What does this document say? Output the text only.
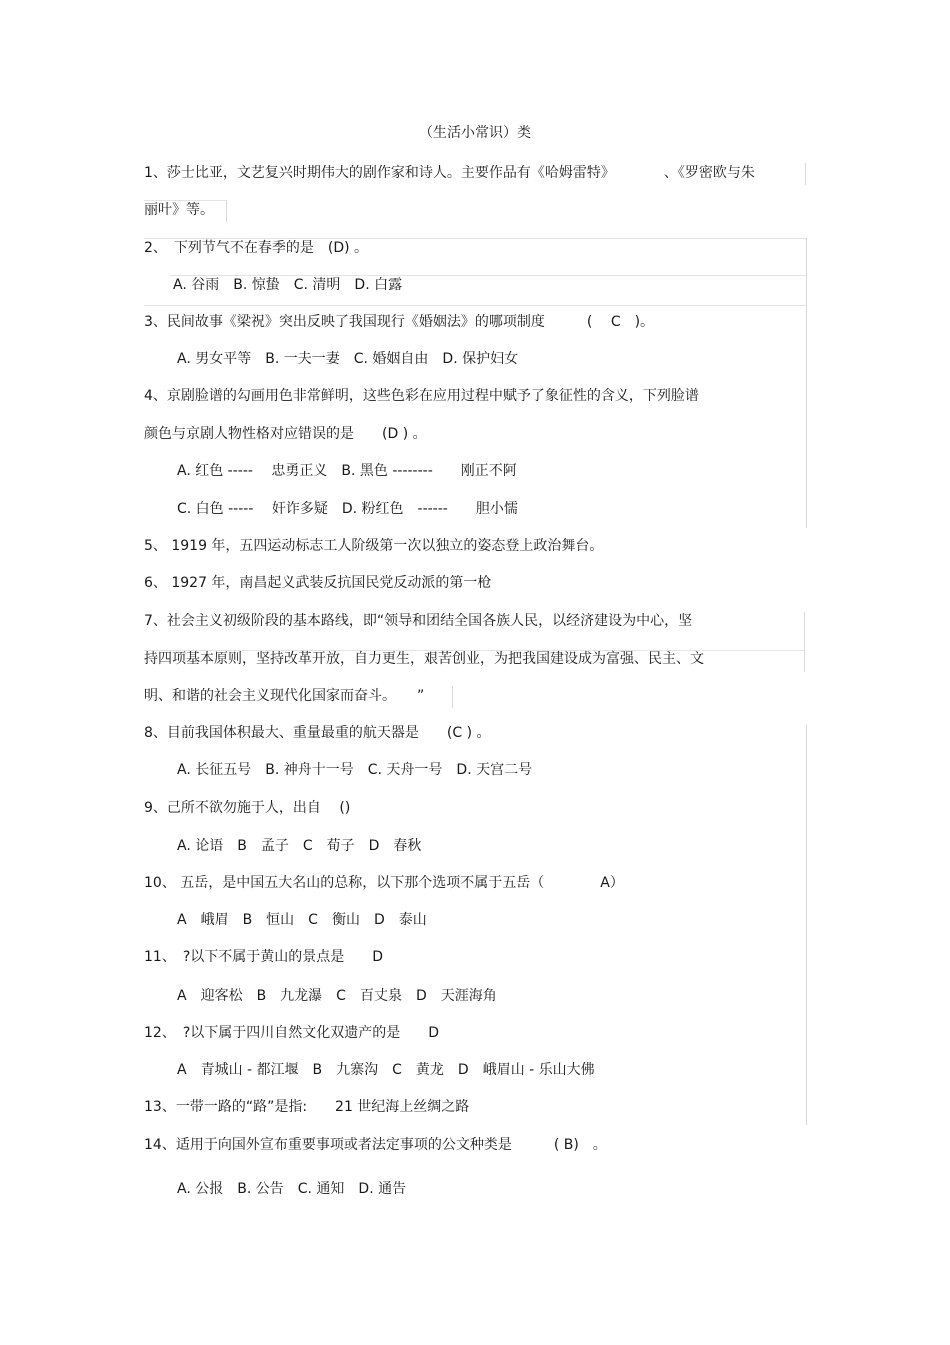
（生活小常识）类
1、莎士比亚，文艺复兴时期伟大的剧作家和诗人。主要作品有《哈姆雷特》　　　　、《罗密欧与朱
丽叶》等。
2、　下列节气不在春季的是　(D) 。
A. 谷雨　B. 惊蛰　C. 清明　D. 白露
3、民间故事《梁祝》突出反映了我国现行《婚姻法》的哪项制度　　　(　 C　)。
A. 男女平等　B. 一夫一妻　C. 婚姻自由　D. 保护妇女
4、京剧脸谱的勾画用色非常鲜明，这些色彩在应用过程中赋予了象征性的含义，下列脸谱
颜色与京剧人物性格对应错误的是　　(D ) 。
A. 红色 -----　 忠勇正义　B. 黑色 --------　　刚正不阿
C. 白色 -----　 奸诈多疑　D. 粉红色　------　　胆小懦
5、 1919 年，五四运动标志工人阶级第一次以独立的姿态登上政治舞台。
6、 1927 年，南昌起义武装反抗国民党反动派的第一枪
7、社会主义初级阶段的基本路线，即“领导和团结全国各族人民，以经济建设为中心，坚
持四项基本原则，坚持改革开放，自力更生，艰苦创业，为把我国建设成为富强、民主、文
明、和谐的社会主义现代化国家而奋斗。　　”
8、目前我国体积最大、重量最重的航天器是　　(C ) 。
A. 长征五号　B. 神舟十一号　C. 天舟一号　D. 天宫二号
9、己所不欲勿施于人，出自　 ()
A. 论语　B　孟子　C　荀子　D　春秋
10、 五岳，是中国五大名山的总称，以下那个选项不属于五岳（　　　　A）
A　峨眉　B　恒山　C　衡山　D　泰山
11、　?以下不属于黄山的景点是　　D
A　迎客松　B　九龙瀑　C　百丈泉　D　天涯海角
12、　?以下属于四川自然文化双遗产的是　　D
A　青城山 - 都江堰　B　九寨沟　C　黄龙　D　峨眉山 - 乐山大佛
13、一带一路的“路”是指:　　21 世纪海上丝绸之路
14、适用于向国外宣布重要事项或者法定事项的公文种类是　　　( B)　。
A. 公报　B. 公告　C. 通知　D. 通告
